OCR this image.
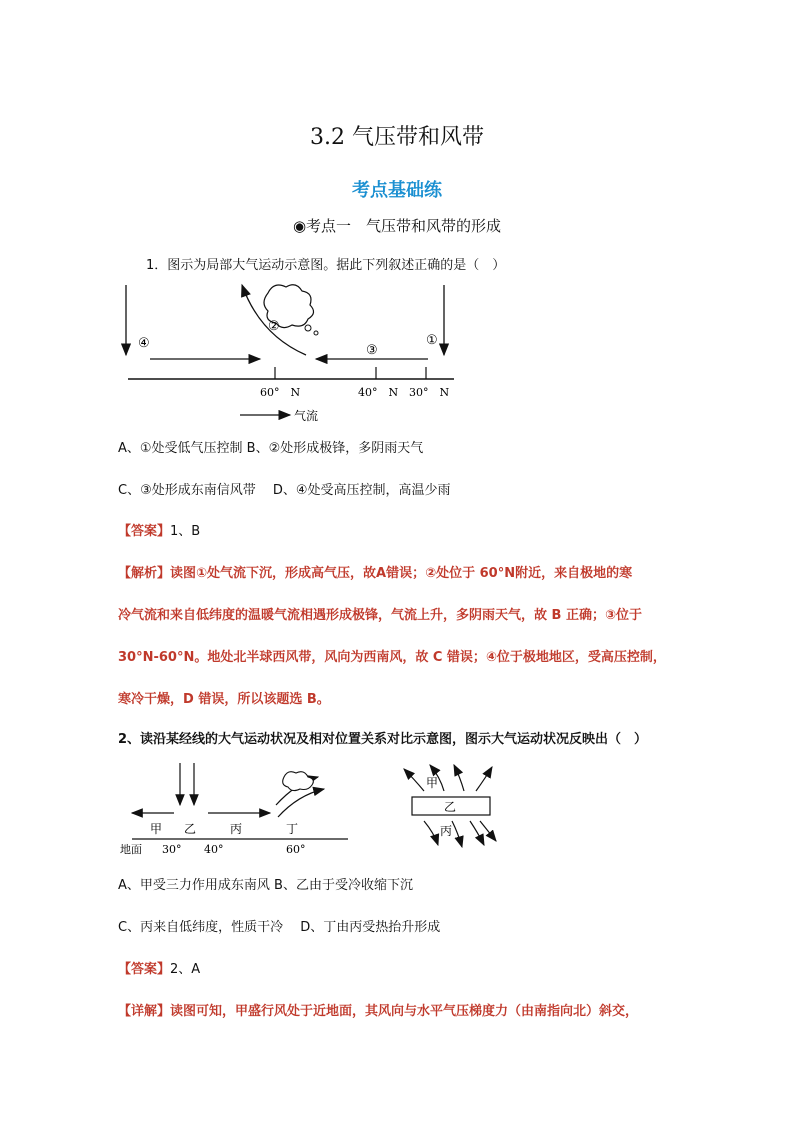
3.2 气压带和风带
考点基础练
◉考点一　气压带和风带的形成
1．图示为局部大气运动示意图。据此下列叙述正确的是（　）
④
②
③
①
60°　N	40°　N 30°　N
气流
A、①处受低气压控制 B、②处形成极锋，多阴雨天气
C、③处形成东南信风带　 D、④处受高压控制，高温少雨
【答案】1、B
【解析】读图①处气流下沉，形成高气压，故A错误；②处位于 60°N附近，来自极地的寒
冷气流和来自低纬度的温暖气流相遇形成极锋，气流上升，多阴雨天气，故 B 正确；③位于
30°N-60°N。地处北半球西风带，风向为西南风，故 C 错误；④位于极地地区，受高压控制，
寒冷干燥，D 错误，所以该题选 B。
2、读沿某经线的大气运动状况及相对位置关系对比示意图，图示大气运动状况反映出（　）
甲 乙	丙	丁
地面 30° 40°	60°
乙
甲
丙
A、甲受三力作用成东南风 B、乙由于受冷收缩下沉
C、丙来自低纬度，性质干冷　 D、丁由丙受热抬升形成
【答案】2、A
【详解】读图可知，甲盛行风处于近地面，其风向与水平气压梯度力（由南指向北）斜交，
